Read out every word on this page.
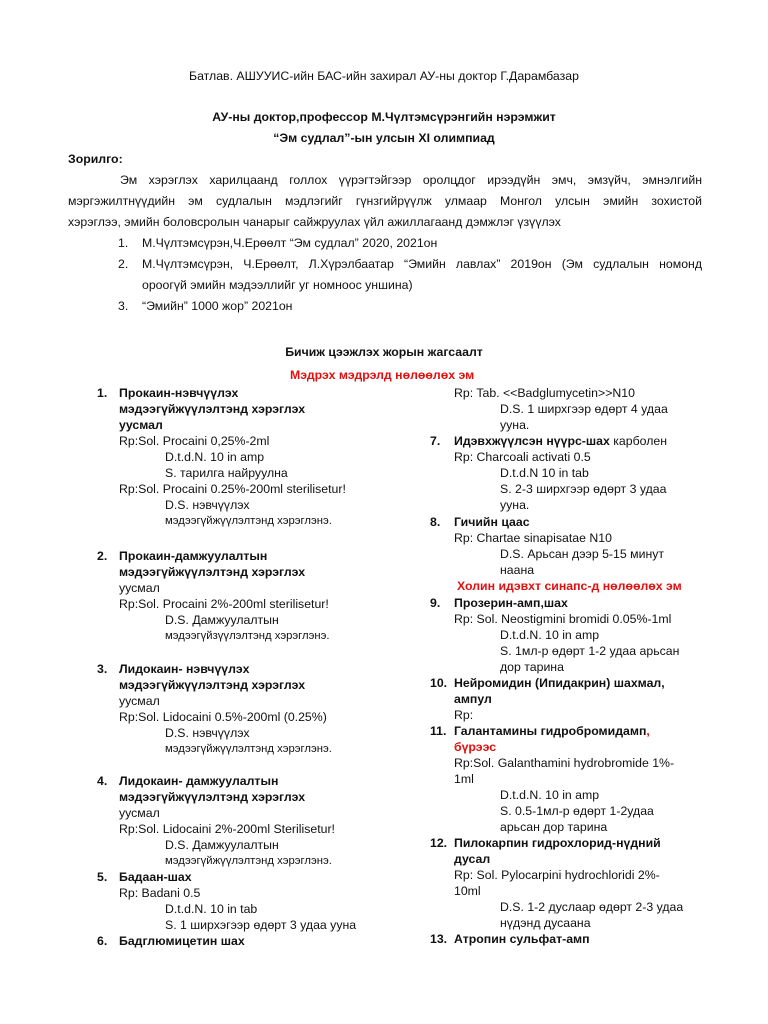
Батлав. АШУУИС-ийн БАС-ийн захирал АУ-ны доктор Г.Дарамбазар
АУ-ны доктор,профессор М.Чүлтэмсүрэнгийн нэрэмжит
“Эм судлал”-ын улсын XI олимпиад
Зорилго:
Эм хэрэглэх харилцаанд голлох үүрэгтэйгээр оролцдог ирээдүйн эмч, эмзүйч, эмнэлгийн
мэргэжилтнүүдийн эм судлалын мэдлэгийг гүнзгийрүүлж улмаар Монгол улсын эмийн зохистой
хэрэглээ, эмийн боловсролын чанарыг сайжруулах үйл ажиллагаанд дэмжлэг үзүүлэх
1. М.Чүлтэмсүрэн,Ч.Ерөөлт “Эм судлал” 2020, 2021он
2. М.Чүлтэмсүрэн, Ч.Ерөөлт, Л.Хүрэлбаатар “Эмийн лавлах” 2019он (Эм судлалын номонд
ороогүй эмийн мэдээллийг уг номноос уншина)
3. “Эмийн” 1000 жор” 2021он
Бичиж цээжлэх жорын жагсаалт
Мэдрэх мэдрэлд нөлөөлөх эм
1. Прокаин-нэвчүүлэх
мэдээгүйжүүлэлтэнд хэрэглэх
уусмал
Rp:Sol. Procaini 0,25%-2ml
D.t.d.N. 10 in amp
S. тарилга найруулна
Rp:Sol. Procaini 0.25%-200ml sterilisetur!
D.S. нэвчүүлэх
мэдээгүйжүүлэлтэнд хэрэглэнэ.
2. Прокаин-дамжуулалтын
мэдээгүйжүүлэлтэнд хэрэглэх
уусмал
Rp:Sol. Procaini 2%-200ml sterilisetur!
D.S. Дамжуулалтын
мэдээгүйзүүлэлтэнд хэрэглэнэ.
3. Лидокаин- нэвчүүлэх
мэдээгүйжүүлэлтэнд хэрэглэх
уусмал
Rp:Sol. Lidocaini 0.5%-200ml (0.25%)
D.S. нэвчүүлэх
мэдээгүйжүүлэлтэнд хэрэглэнэ.
4. Лидокаин- дамжуулалтын
мэдээгүйжүүлэлтэнд хэрэглэх
уусмал
Rp:Sol. Lidocaini 2%-200ml Sterilisetur!
D.S. Дамжуулалтын
мэдээгүйжүүлэлтэнд хэрэглэнэ.
5. Бадаан-шах
Rp: Badani 0.5
D.t.d.N. 10 in tab
S. 1 ширхэгээр өдөрт 3 удаа ууна
6. Бадглюмицетин шах
Rp: Tab. <<Badglumycetin>>N10
D.S. 1 ширхгээр өдөрт 4 удаа
ууна.
7. Идэвхжүүлсэн нүүрс-шах карболен
Rp: Charcoali activati 0.5
D.t.d.N 10 in tab
S. 2-3 ширхгээр өдөрт 3 удаа
ууна.
8. Гичийн цаас
Rp: Chartae sinapisatae N10
D.S. Арьсан дээр 5-15 минут
наана
Холин идэвхт синапс-д нөлөөлөх эм
9. Прозерин-амп,шах
Rp: Sol. Neostigmini bromidi 0.05%-1ml
D.t.d.N. 10 in amp
S. 1мл-р өдөрт 1-2 удаа арьсан
дор тарина
10. Нейромидин (Ипидакрин) шахмал,
ампул
Rp:
11. Галантамины гидробромидамп,
бүрээс
Rp:Sol. Galanthamini hydrobromide 1%-
1ml
D.t.d.N. 10 in amp
S. 0.5-1мл-р өдөрт 1-2удаа
арьсан дор тарина
12. Пилокарпин гидрохлорид-нүдний
дусал
Rp: Sol. Pylocarpini hydrochloridi 2%-
10ml
D.S. 1-2 дуслаар өдөрт 2-3 удаа
нүдэнд дусаана
13. Атропин сульфат-амп
